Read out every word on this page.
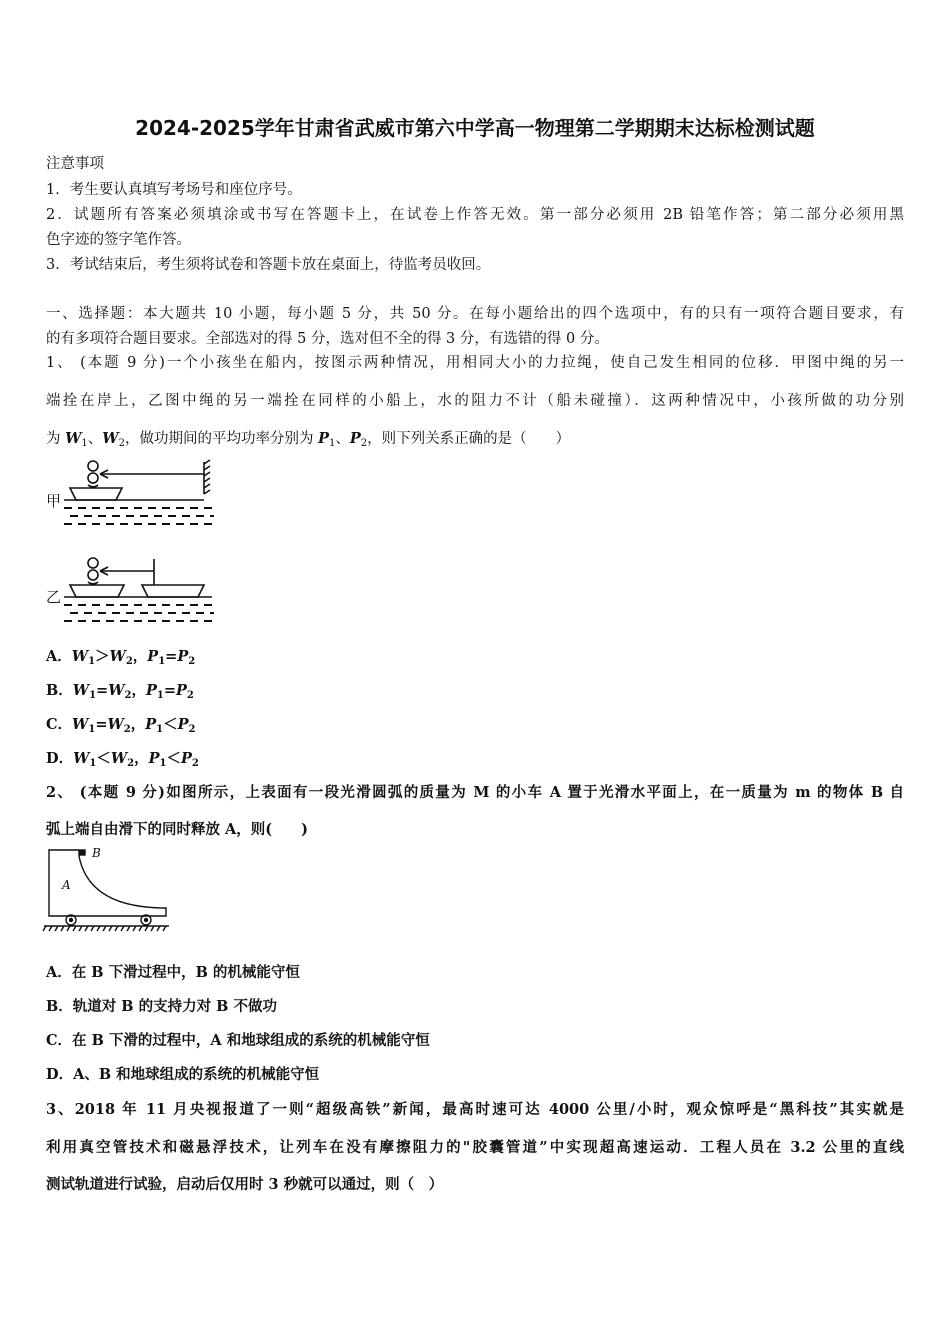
2024-2025学年甘肃省武威市第六中学高一物理第二学期期末达标检测试题
注意事项
1．考生要认真填写考场号和座位序号。
2．试题所有答案必须填涂或书写在答题卡上，在试卷上作答无效。第一部分必须用 2B 铅笔作答；第二部分必须用黑
色字迹的签字笔作答。
3．考试结束后，考生须将试卷和答题卡放在桌面上，待监考员收回。
一、选择题：本大题共 10 小题，每小题 5 分，共 50 分。在每小题给出的四个选项中，有的只有一项符合题目要求，有
的有多项符合题目要求。全部选对的得 5 分，选对但不全的得 3 分，有选错的得 0 分。
1、 (本题 9 分)一个小孩坐在船内，按图示两种情况，用相同大小的力拉绳，使自己发生相同的位移．甲图中绳的另一
端拴在岸上，乙图中绳的另一端拴在同样的小船上，水的阻力不计（船未碰撞）．这两种情况中，小孩所做的功分别
为 $W_1$、$W_2$，做功期间的平均功率分别为 $P_1$、$P_2$，则下列关系正确的是（　　）
甲
乙
A．$W_1>W_2$，$P_1=P_2$
B．$W_1=W_2$，$P_1=P_2$
C．$W_1=W_2$，$P_1<P_2$
D．$W_1<W_2$，$P_1<P_2$
2、 (本题 9 分)如图所示，上表面有一段光滑圆弧的质量为 M 的小车 A 置于光滑水平面上，在一质量为 m 的物体 B 自
弧上端自由滑下的同时释放 A，则(　　)
A
B
A．在 B 下滑过程中，B 的机械能守恒
B．轨道对 B 的支持力对 B 不做功
C．在 B 下滑的过程中，A 和地球组成的系统的机械能守恒
D．A、B 和地球组成的系统的机械能守恒
3、2018 年 11 月央视报道了一则“超级高铁”新闻，最高时速可达 4000 公里/小时，观众惊呼是“黑科技”其实就是
利用真空管技术和磁悬浮技术，让列车在没有摩擦阻力的"胶囊管道”中实现超高速运动．工程人员在 3.2 公里的直线
测试轨道进行试验，启动后仅用时 3 秒就可以通过，则（　）
